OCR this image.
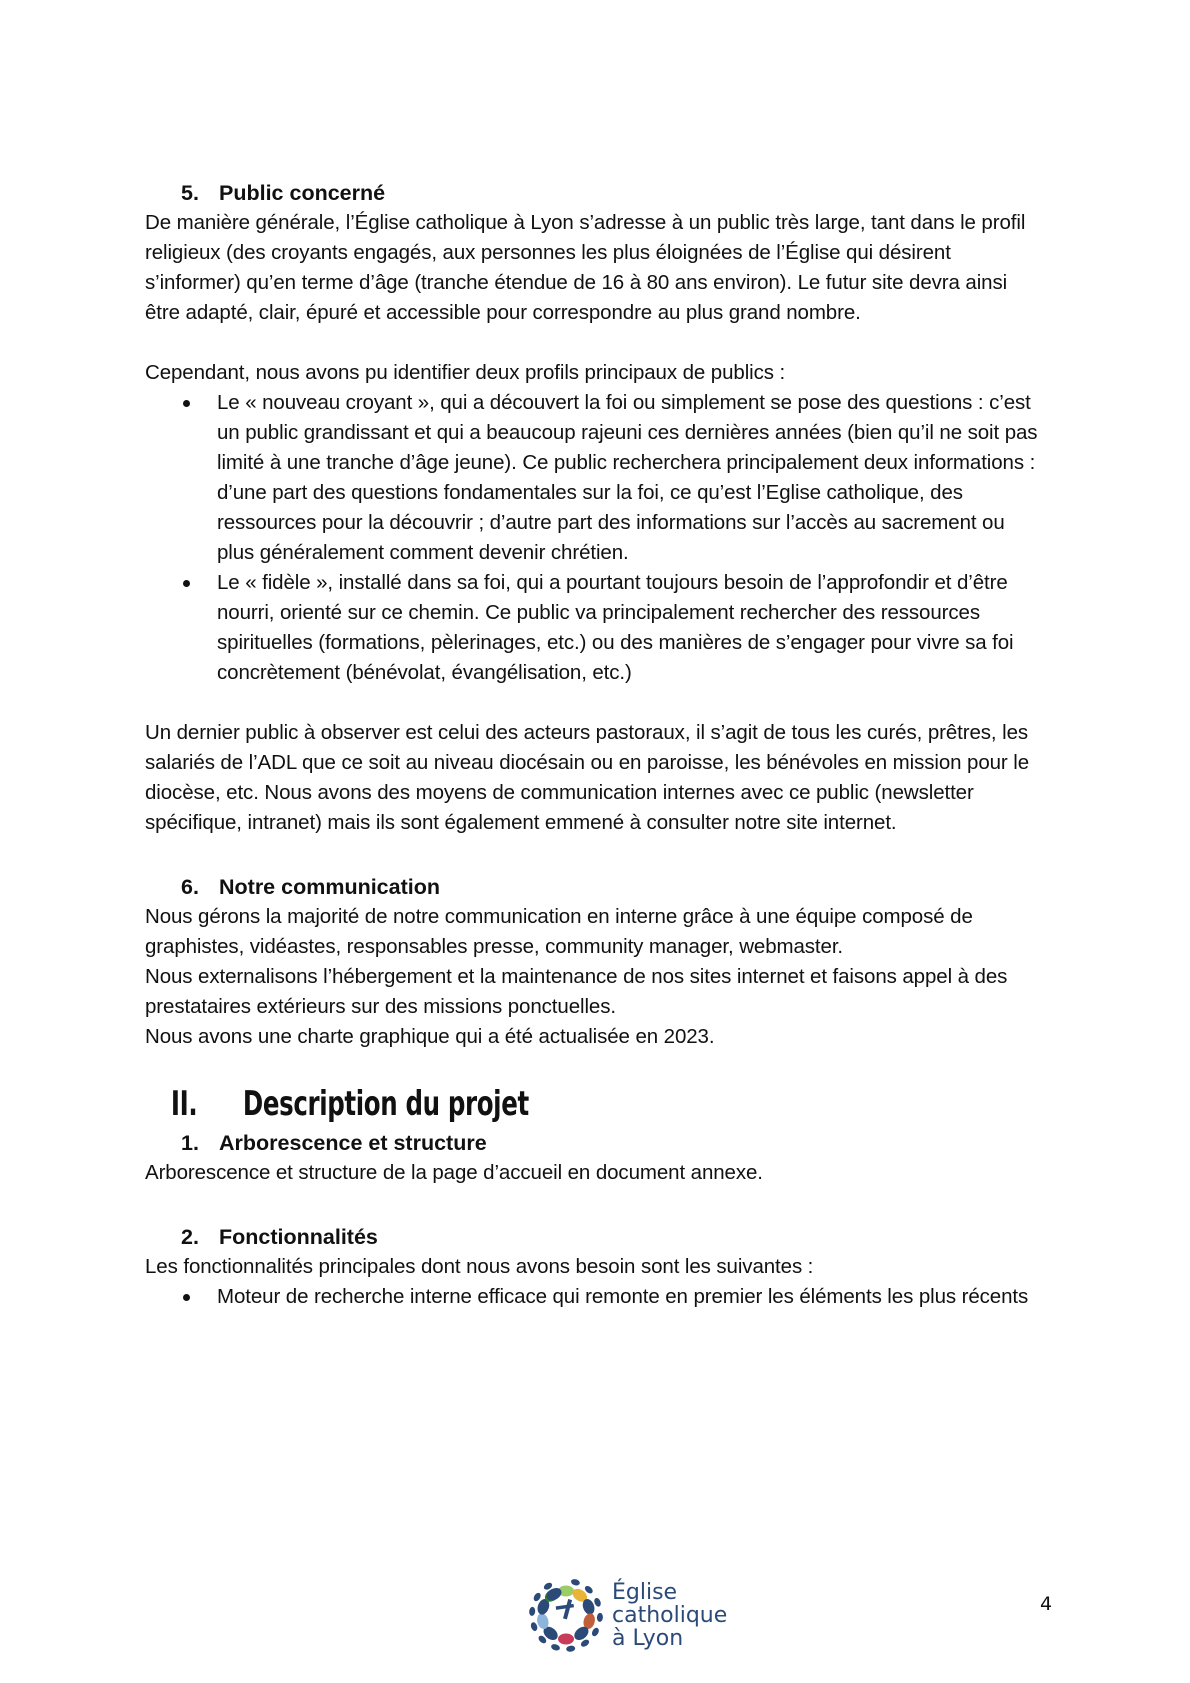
5. Public concerné

De manière générale, l’Église catholique à Lyon s’adresse à un public très large, tant dans le profil religieux (des croyants engagés, aux personnes les plus éloignées de l’Église qui désirent s’informer) qu’en terme d’âge (tranche étendue de 16 à 80 ans environ). Le futur site devra ainsi être adapté, clair, épuré et accessible pour correspondre au plus grand nombre.

Cependant, nous avons pu identifier deux profils principaux de publics :

Le « nouveau croyant », qui a découvert la foi ou simplement se pose des questions : c’est un public grandissant et qui a beaucoup rajeuni ces dernières années (bien qu’il ne soit pas limité à une tranche d’âge jeune). Ce public recherchera principalement deux informations : d’une part des questions fondamentales sur la foi, ce qu’est l’Eglise catholique, des ressources pour la découvrir ; d’autre part des informations sur l’accès au sacrement ou plus généralement comment devenir chrétien.
Le « fidèle », installé dans sa foi, qui a pourtant toujours besoin de l’approfondir et d’être nourri, orienté sur ce chemin. Ce public va principalement rechercher des ressources spirituelles (formations, pèlerinages, etc.) ou des manières de s’engager pour vivre sa foi concrètement (bénévolat, évangélisation, etc.)

Un dernier public à observer est celui des acteurs pastoraux, il s’agit de tous les curés, prêtres, les salariés de l’ADL que ce soit au niveau diocésain ou en paroisse, les bénévoles en mission pour le diocèse, etc. Nous avons des moyens de communication internes avec ce public (newsletter spécifique, intranet) mais ils sont également emmené à consulter notre site internet.

6. Notre communication

Nous gérons la majorité de notre communication en interne grâce à une équipe composé de graphistes, vidéastes, responsables presse, community manager, webmaster.

Nous externalisons l’hébergement et la maintenance de nos sites internet et faisons appel à des prestataires extérieurs sur des missions ponctuelles.

Nous avons une charte graphique qui a été actualisée en 2023.

II.	Description du projet
1. Arborescence et structure

Arborescence et structure de la page d’accueil en document annexe.

2. Fonctionnalités

Les fonctionnalités principales dont nous avons besoin sont les suivantes :

Moteur de recherche interne efficace qui remonte en premier les éléments les plus récents
Église
catholique
à Lyon
4
